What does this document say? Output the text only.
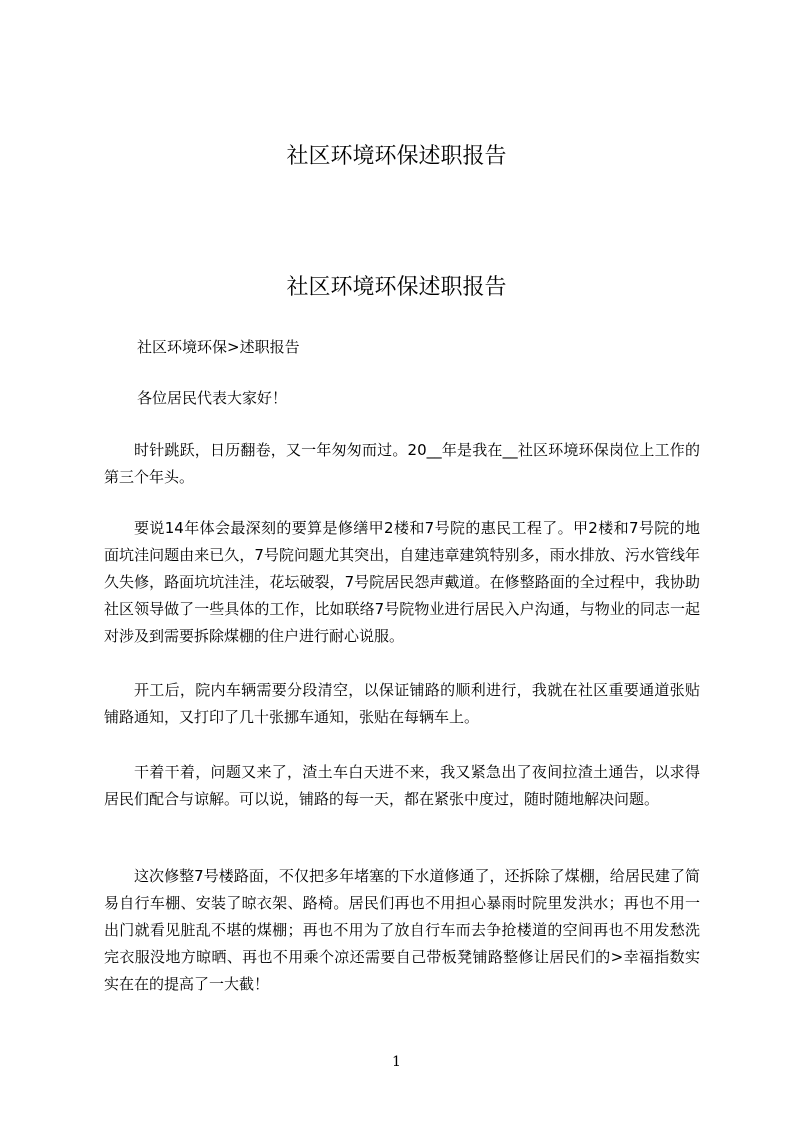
社区环境环保述职报告
社区环境环保述职报告

社区环境环保>述职报告

各位居民代表大家好！

时针跳跃，日历翻卷，又一年匆匆而过。20__年是我在__社区环境环保岗位上工作的第三个年头。

要说14年体会最深刻的要算是修缮甲2楼和7号院的惠民工程了。甲2楼和7号院的地面坑洼问题由来已久，7号院问题尤其突出，自建违章建筑特别多，雨水排放、污水管线年久失修，路面坑坑洼洼，花坛破裂，7号院居民怨声戴道。在修整路面的全过程中，我协助社区领导做了一些具体的工作，比如联络7号院物业进行居民入户沟通，与物业的同志一起对涉及到需要拆除煤棚的住户进行耐心说服。

开工后，院内车辆需要分段清空，以保证铺路的顺利进行，我就在社区重要通道张贴铺路通知，又打印了几十张挪车通知，张贴在每辆车上。

干着干着，问题又来了，渣土车白天进不来，我又紧急出了夜间拉渣土通告，以求得居民们配合与谅解。可以说，铺路的每一天，都在紧张中度过，随时随地解决问题。

这次修整7号楼路面，不仅把多年堵塞的下水道修通了，还拆除了煤棚，给居民建了简易自行车棚、安装了晾衣架、路椅。居民们再也不用担心暴雨时院里发洪水；再也不用一出门就看见脏乱不堪的煤棚；再也不用为了放自行车而去争抢楼道的空间再也不用发愁洗完衣服没地方晾晒、再也不用乘个凉还需要自己带板凳铺路整修让居民们的>幸福指数实实在在的提高了一大截！

1
